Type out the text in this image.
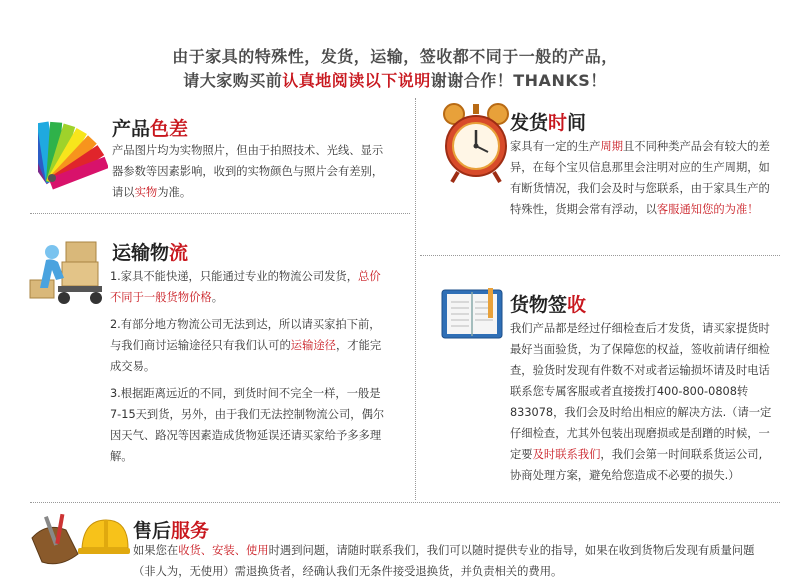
由于家具的特殊性，发货，运输，签收都不同于一般的产品，
请大家购买前认真地阅读以下说明谢谢合作！THANKS！
产品色差
产品图片均为实物照片，但由于拍照技术、光线、显示器参数等因素影响，收到的实物颜色与照片会有差别，请以实物为准。
发货时间
家具有一定的生产周期且不同种类产品会有较大的差异，在每个宝贝信息那里会注明对应的生产周期，如有断货情况，我们会及时与您联系，由于家具生产的特殊性，货期会常有浮动，以客服通知您的为准！
运输物流

1.家具不能快递，只能通过专业的物流公司发货，总价不同于一般货物价格。

2.有部分地方物流公司无法到达，所以请买家拍下前，与我们商讨运输途径只有我们认可的运输途径，才能完成交易。

3.根据距离远近的不同，到货时间不完全一样，一般是7-15天到货，另外，由于我们无法控制物流公司，偶尔因天气、路况等因素造成货物延误还请买家给予多多理解。

货物签收
我们产品都是经过仔细检查后才发货，请买家提货时最好当面验货，为了保障您的权益，签收前请仔细检查，验货时发现有件数不对或者运输损坏请及时电话联系您专属客服或者直接拨打400-800-0808转833078，我们会及时给出相应的解决方法.（请一定仔细检查，尤其外包装出现磨损或是刮蹭的时候，一定要及时联系我们，我们会第一时间联系货运公司,协商处理方案，避免给您造成不必要的损失.）
售后服务
如果您在收货、安装、使用时遇到问题，请随时联系我们，我们可以随时提供专业的指导，如果在收到货物后发现有质量问题（非人为，无使用）需退换货者，经确认我们无条件接受退换货，并负责相关的费用。
